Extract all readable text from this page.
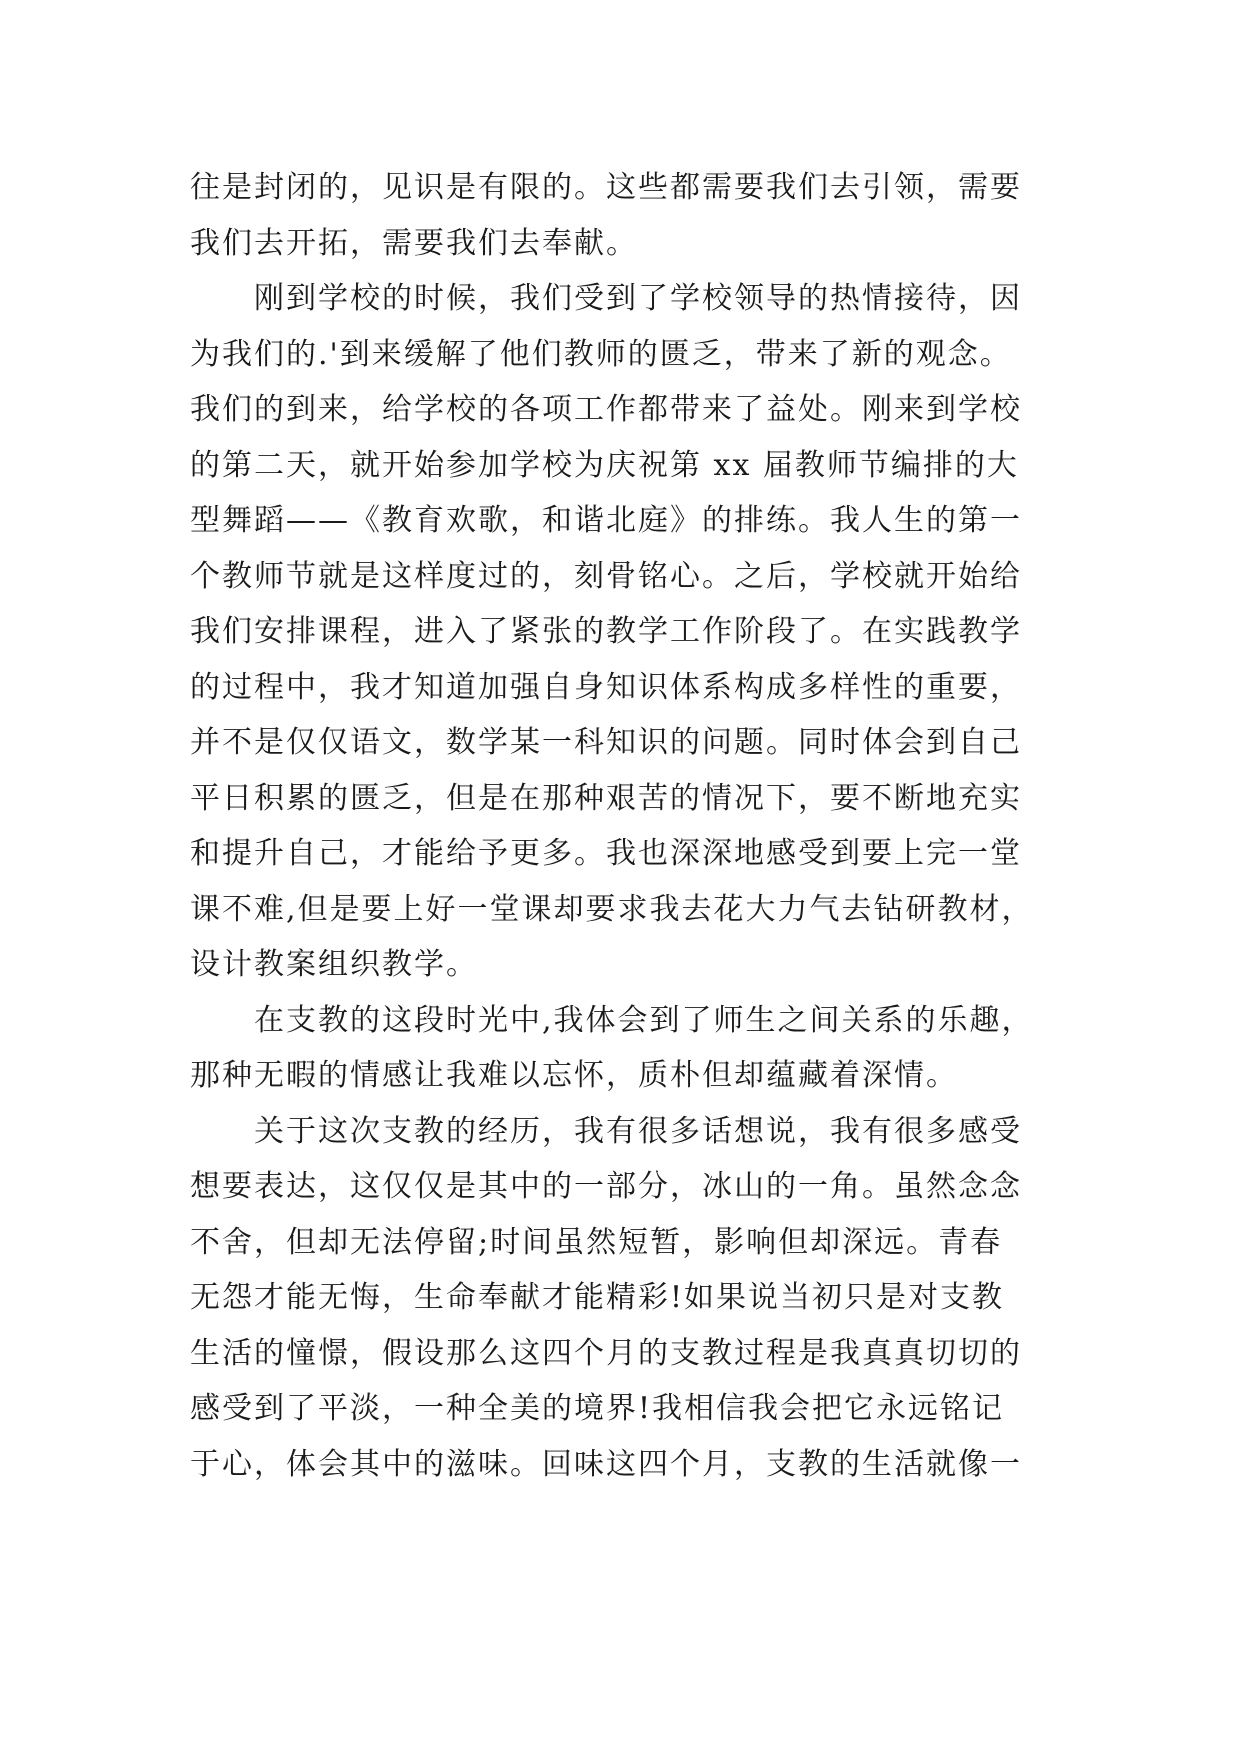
往是封闭的，见识是有限的。这些都需要我们去引领，需要
我们去开拓，需要我们去奉献。
刚到学校的时候，我们受到了学校领导的热情接待，因
为我们的.'到来缓解了他们教师的匮乏，带来了新的观念。
我们的到来，给学校的各项工作都带来了益处。刚来到学校
的第二天，就开始参加学校为庆祝第 xx 届教师节编排的大
型舞蹈——《教育欢歌，和谐北庭》的排练。我人生的第一
个教师节就是这样度过的，刻骨铭心。之后，学校就开始给
我们安排课程，进入了紧张的教学工作阶段了。在实践教学
的过程中，我才知道加强自身知识体系构成多样性的重要，
并不是仅仅语文，数学某一科知识的问题。同时体会到自己
平日积累的匮乏，但是在那种艰苦的情况下，要不断地充实
和提升自己，才能给予更多。我也深深地感受到要上完一堂
课不难,但是要上好一堂课却要求我去花大力气去钻研教材，
设计教案组织教学。
在支教的这段时光中,我体会到了师生之间关系的乐趣，
那种无暇的情感让我难以忘怀，质朴但却蕴藏着深情。
关于这次支教的经历，我有很多话想说，我有很多感受
想要表达，这仅仅是其中的一部分，冰山的一角。虽然念念
不舍，但却无法停留;时间虽然短暂，影响但却深远。青春
无怨才能无悔，生命奉献才能精彩!如果说当初只是对支教
生活的憧憬，假设那么这四个月的支教过程是我真真切切的
感受到了平淡，一种全美的境界!我相信我会把它永远铭记
于心，体会其中的滋味。回味这四个月，支教的生活就像一
